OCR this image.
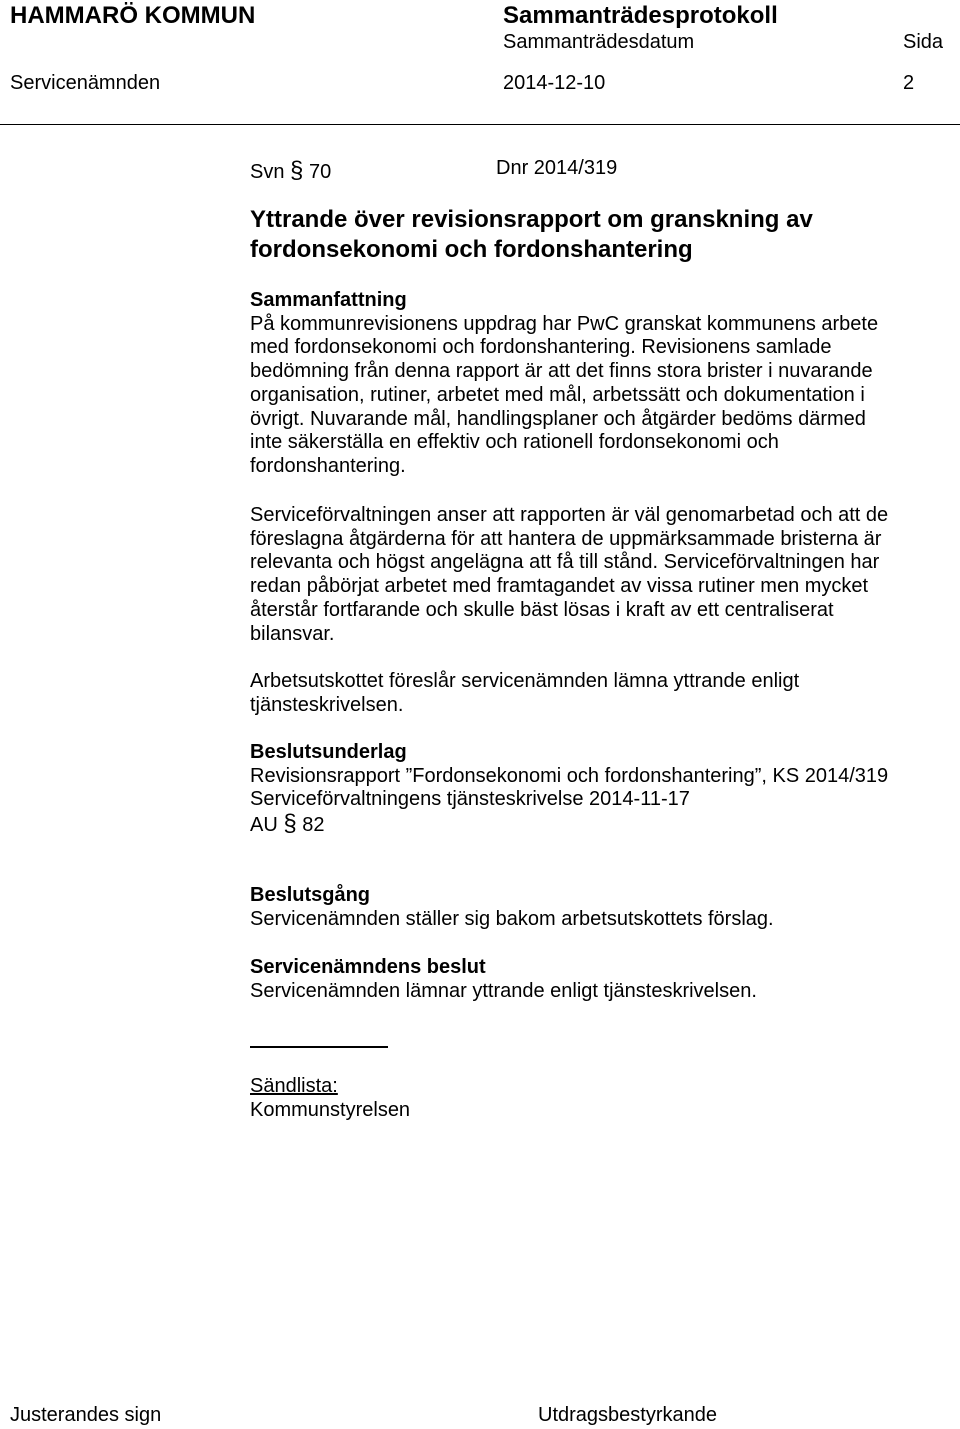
HAMMARÖ KOMMUN	Sammanträdesprotokoll
Sammanträdesdatum	Sida
Servicenämnden	2014-12-10	2
Svn § 70	Dnr 2014/319
Yttrande över revisionsrapport om granskning av fordonsekonomi och fordonshantering
Sammanfattning

På kommunrevisionens uppdrag har PwC granskat kommunens arbete med fordonsekonomi och fordonshantering. Revisionens samlade bedömning från denna rapport är att det finns stora brister i nuvarande organisation, rutiner, arbetet med mål, arbetssätt och dokumentation i övrigt. Nuvarande mål, handlingsplaner och åtgärder bedöms därmed inte säkerställa en effektiv och rationell fordonsekonomi och fordonshantering.

Serviceförvaltningen anser att rapporten är väl genomarbetad och att de föreslagna åtgärderna för att hantera de uppmärksammade bristerna är relevanta och högst angelägna att få till stånd. Serviceförvaltningen har redan påbörjat arbetet med framtagandet av vissa rutiner men mycket återstår fortfarande och skulle bäst lösas i kraft av ett centraliserat bilansvar.
Arbetsutskottet föreslår servicenämnden lämna yttrande enligt tjänsteskrivelsen.
Beslutsunderlag

Revisionsrapport ”Fordonsekonomi och fordonshantering”, KS 2014/319

Serviceförvaltningens tjänsteskrivelse 2014-11-17

AU § 82

Beslutsgång

Servicenämnden ställer sig bakom arbetsutskottets förslag.

Servicenämndens beslut

Servicenämnden lämnar yttrande enligt tjänsteskrivelsen.

Sändlista:

Kommunstyrelsen

Justerandes sign	Utdragsbestyrkande
